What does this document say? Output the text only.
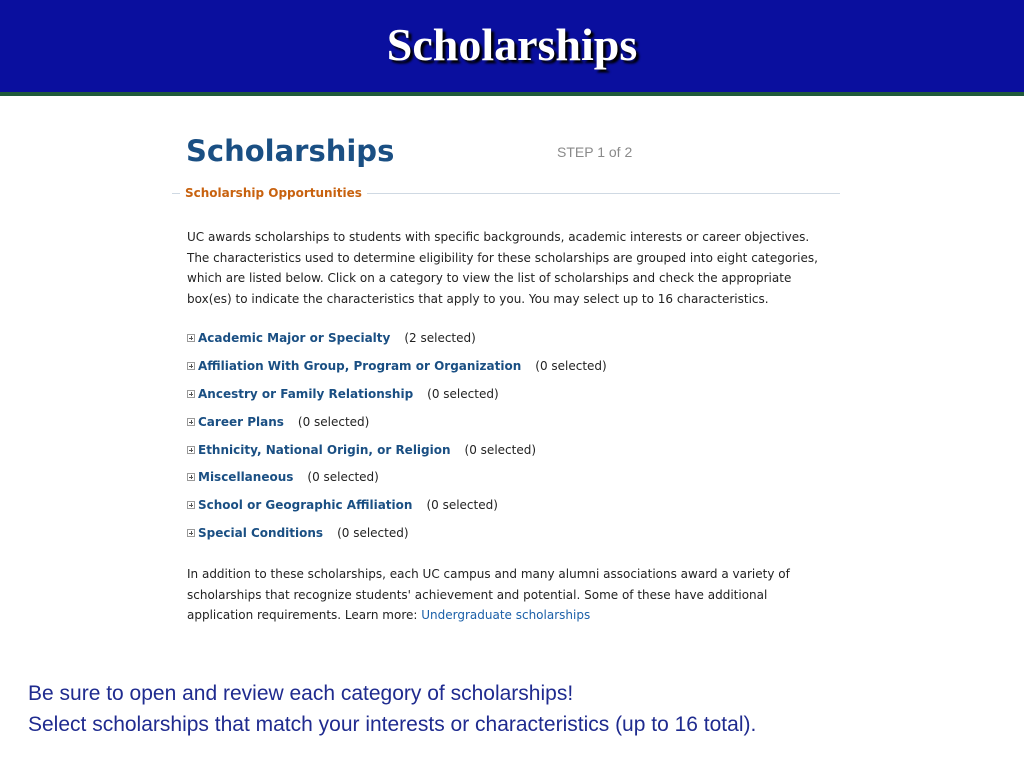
Scholarships
Scholarships	STEP 1 of 2
Scholarship Opportunities
UC awards scholarships to students with specific backgrounds, academic interests or career objectives.
The characteristics used to determine eligibility for these scholarships are grouped into eight categories,
which are listed below. Click on a category to view the list of scholarships and check the appropriate
box(es) to indicate the characteristics that apply to you. You may select up to 16 characteristics.
Academic Major or Specialty (2 selected)
Affiliation With Group, Program or Organization (0 selected)
Ancestry or Family Relationship (0 selected)
Career Plans (0 selected)
Ethnicity, National Origin, or Religion (0 selected)
Miscellaneous (0 selected)
School or Geographic Affiliation (0 selected)
Special Conditions (0 selected)
In addition to these scholarships, each UC campus and many alumni associations award a variety of
scholarships that recognize students' achievement and potential. Some of these have additional
application requirements. Learn more: Undergraduate scholarships
Be sure to open and review each category of scholarships!
Select scholarships that match your interests or characteristics (up to 16 total).
